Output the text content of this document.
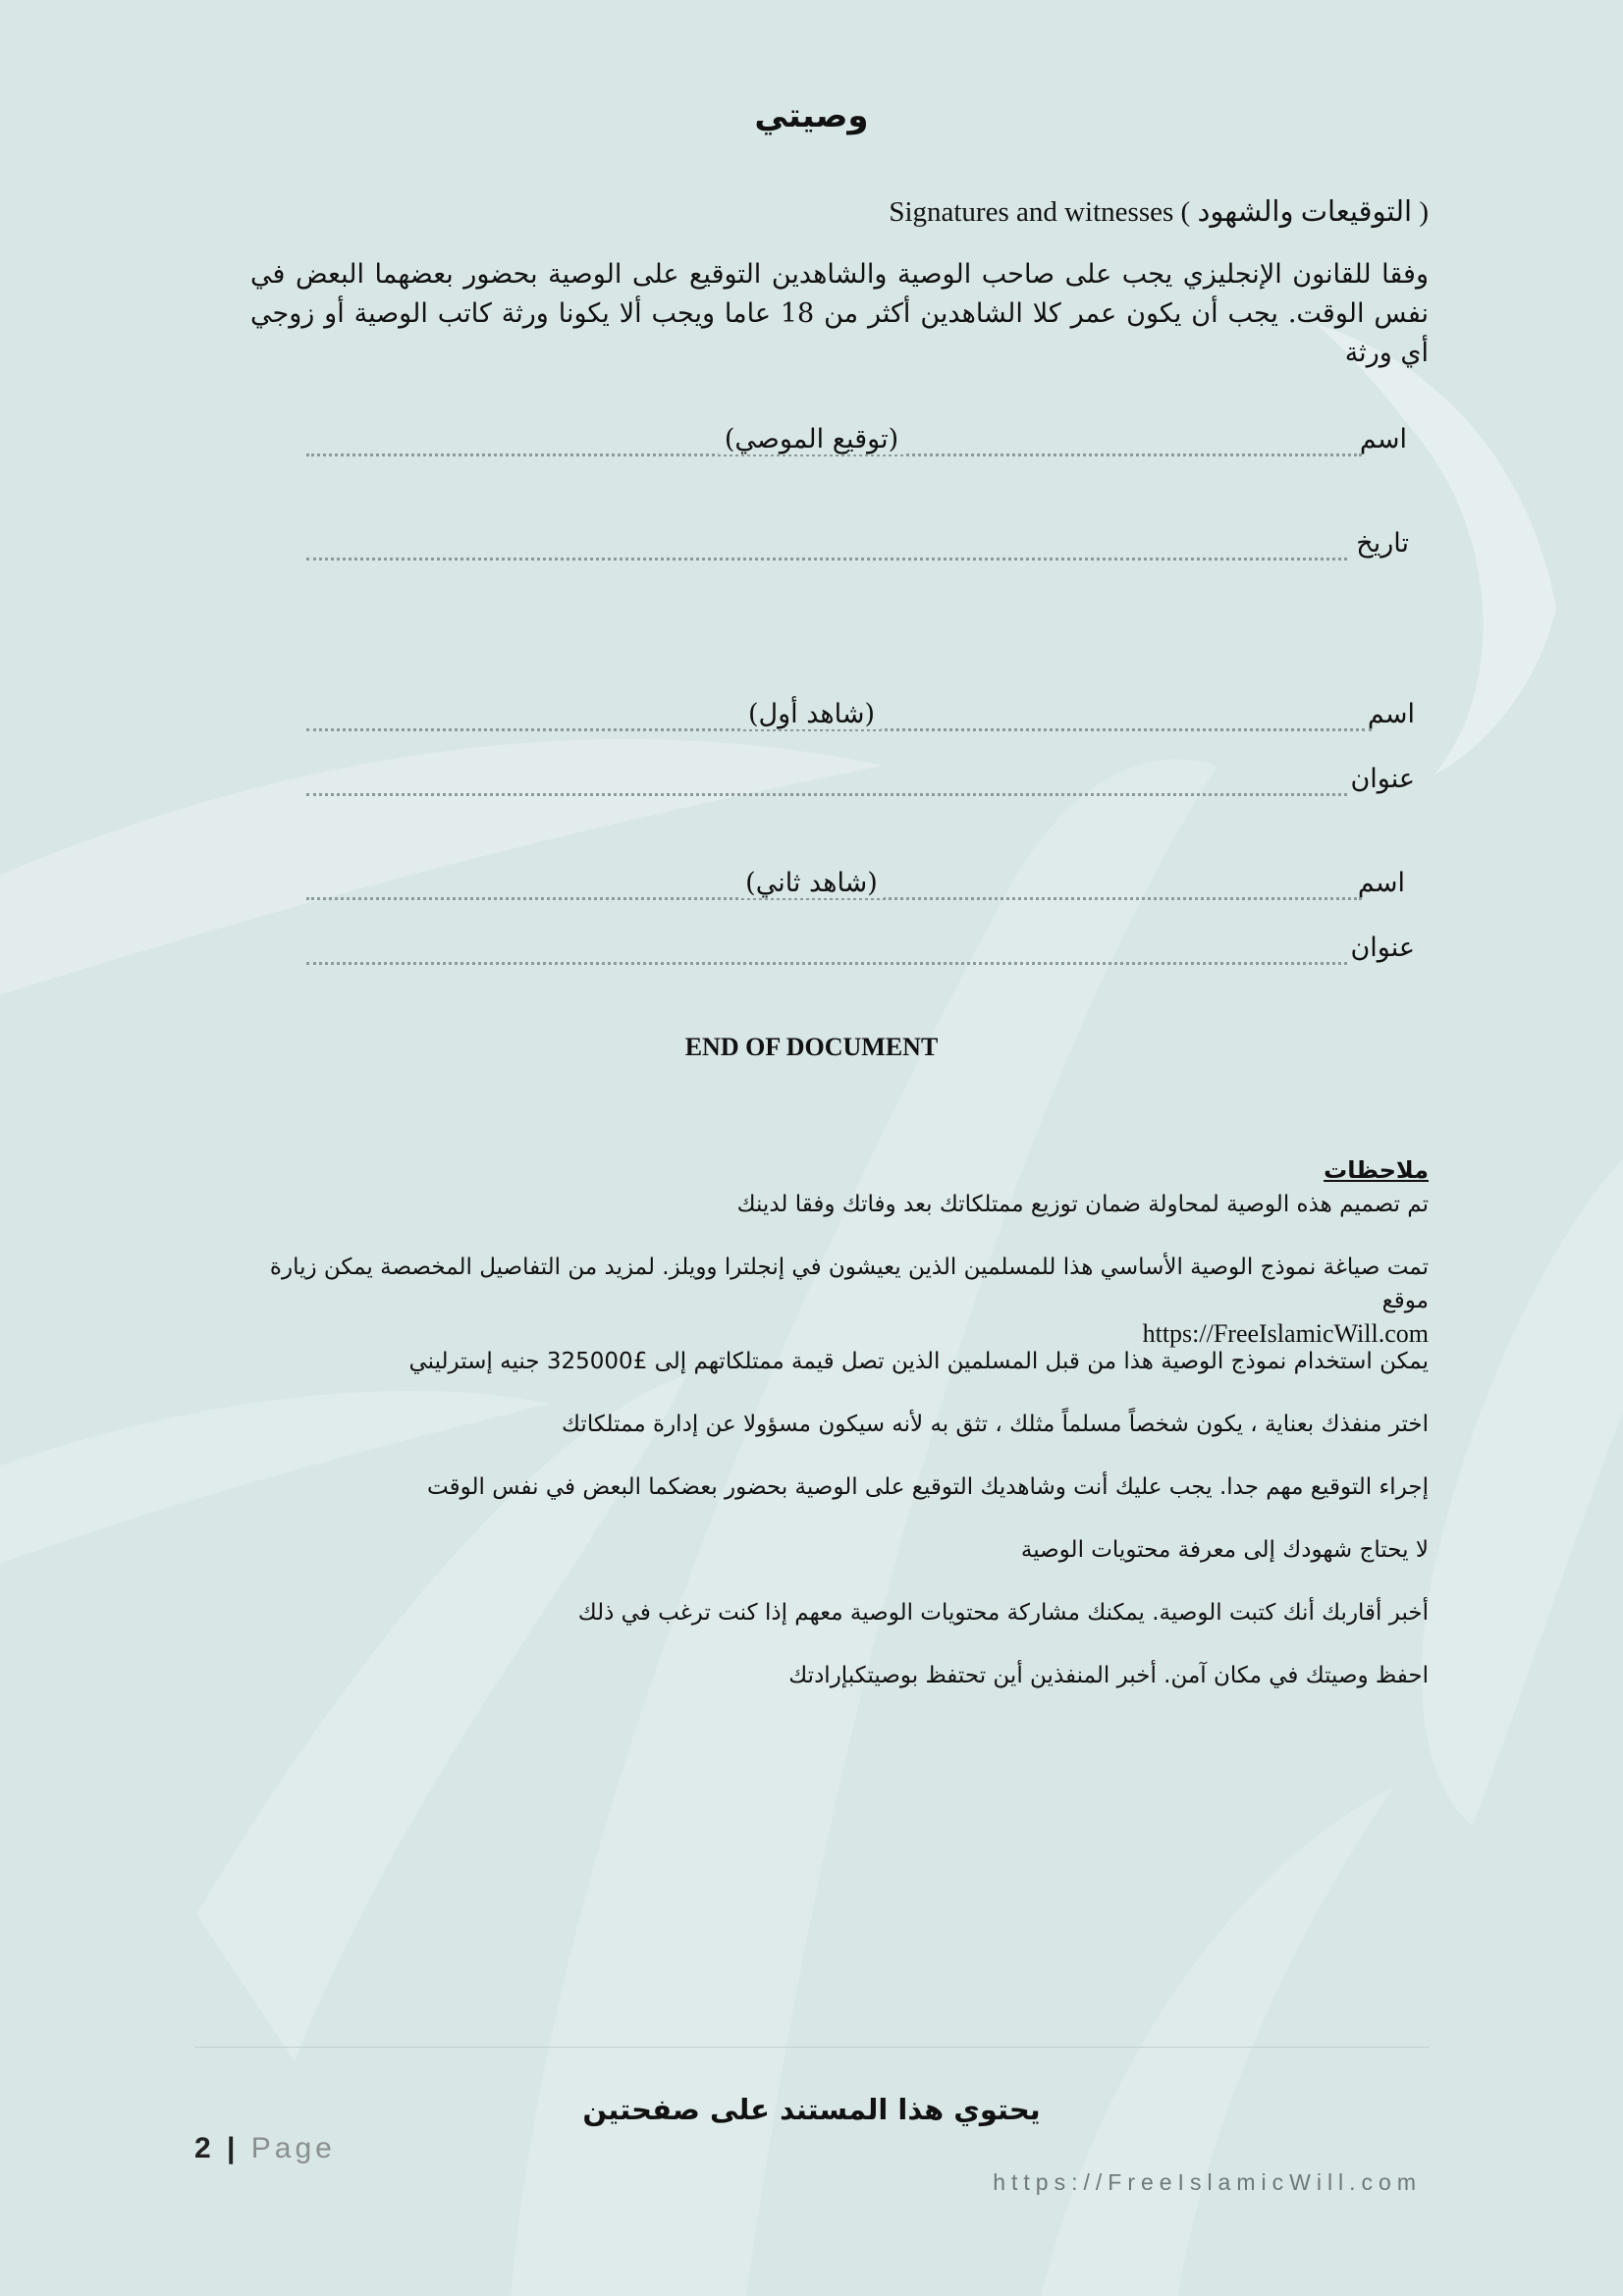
وصيتي
( التوقيعات والشهود ) Signatures and witnesses
وفقا للقانون الإنجليزي يجب على صاحب الوصية والشاهدين التوقيع على الوصية بحضور بعضهما البعض في نفس الوقت. يجب أن يكون عمر كلا الشاهدين أكثر من 18 عاما ويجب ألا يكونا ورثة كاتب الوصية أو زوجي أي ورثة
اسم
(توقيع الموصي)
تاريخ
اسم
(شاهد أول)
عنوان
اسم
(شاهد ثاني)
عنوان
END OF DOCUMENT
ملاحظات
تم تصميم هذه الوصية لمحاولة ضمان توزيع ممتلكاتك بعد وفاتك وفقا لدينك
تمت صياغة نموذج الوصية الأساسي هذا للمسلمين الذين يعيشون في إنجلترا وويلز. لمزيد من التفاصيل المخصصة يمكن زيارة موقع
https://FreeIslamicWill.com
يمكن استخدام نموذج الوصية هذا من قبل المسلمين الذين تصل قيمة ممتلكاتهم إلى £325000 جنيه إسترليني
اختر منفذك بعناية ، يكون شخصاً مسلماً مثلك ، تثق به لأنه سيكون مسؤولا عن إدارة ممتلكاتك
إجراء التوقيع مهم جدا. يجب عليك أنت وشاهديك التوقيع على الوصية بحضور بعضكما البعض في نفس الوقت
لا يحتاج شهودك إلى معرفة محتويات الوصية
أخبر أقاربك أنك كتبت الوصية. يمكنك مشاركة محتويات الوصية معهم إذا كنت ترغب في ذلك
احفظ وصيتك في مكان آمن. أخبر المنفذين أين تحتفظ بوصيتكبإرادتك
يحتوي هذا المستند على صفحتين
2 | Page
https://FreeIslamicWill.com
